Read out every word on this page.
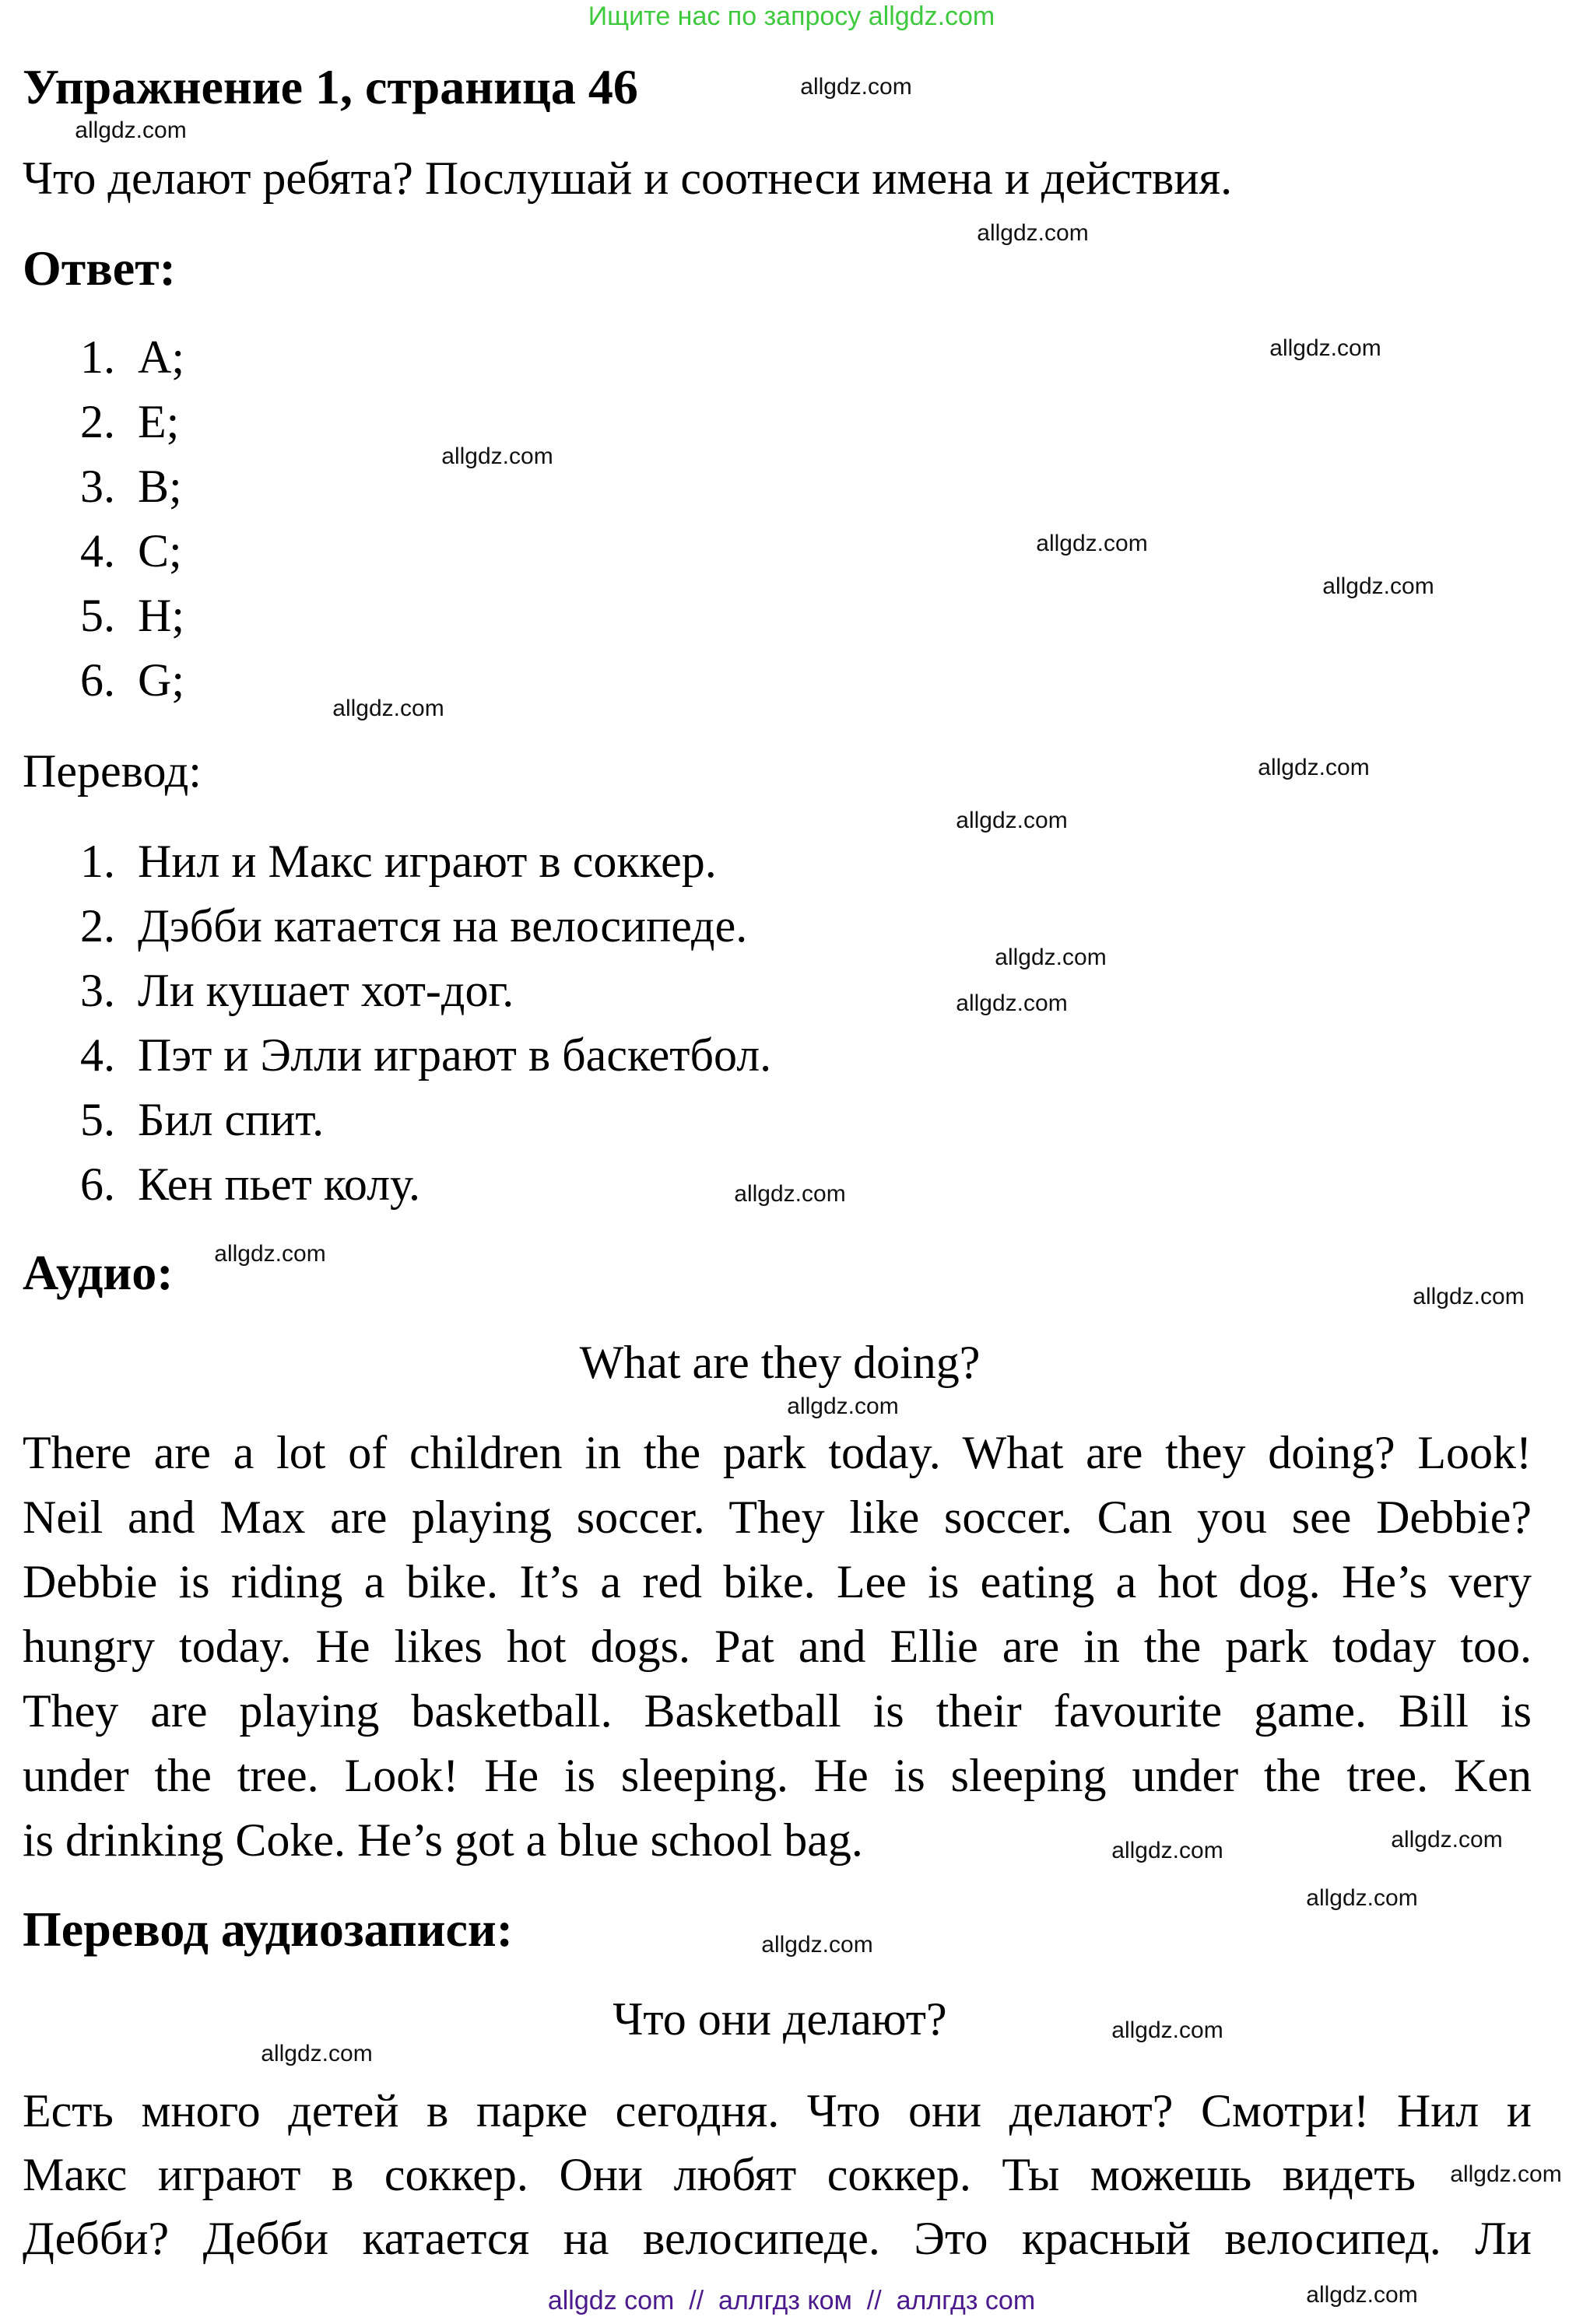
Ищите нас по запросу allgdz.com
Упражнение 1, страница 46
Что делают ребята? Послушай и соотнеси имена и действия.
Ответ:
1. A;
2. E;
3. B;
4. C;
5. H;
6. G;
Перевод:
1. Нил и Макс играют в соккер.
2. Дэбби катается на велосипеде.
3. Ли кушает хот-дог.
4. Пэт и Элли играют в баскетбол.
5. Бил спит.
6. Кен пьет колу.
Аудио:
What are they doing?
There are a lot of children in the park today. What are they doing? Look!
Neil and Max are playing soccer. They like soccer. Can you see Debbie?
Debbie is riding a bike. It’s a red bike. Lee is eating a hot dog. He’s very
hungry today. He likes hot dogs. Pat and Ellie are in the park today too.
They are playing basketball. Basketball is their favourite game. Bill is
under the tree. Look! He is sleeping. He is sleeping under the tree. Ken
is drinking Coke. He’s got a blue school bag.
Перевод аудиозаписи:
Что они делают?
Есть много детей в парке сегодня. Что они делают? Смотри! Нил и
Макс играют в соккер. Они любят соккер. Ты можешь видеть
Дебби? Дебби катается на велосипеде. Это красный велосипед. Ли
allgdz.com
allgdz.com
allgdz.com
allgdz.com
allgdz.com
allgdz.com
allgdz.com
allgdz.com
allgdz.com
allgdz.com
allgdz.com
allgdz.com
allgdz.com
allgdz.com
allgdz.com
allgdz.com
allgdz.com
allgdz.com
allgdz.com
allgdz.com
allgdz.com
allgdz.com
allgdz.com
allgdz.com
allgdz com  //  аллгдз ком  //  аллгдз com
